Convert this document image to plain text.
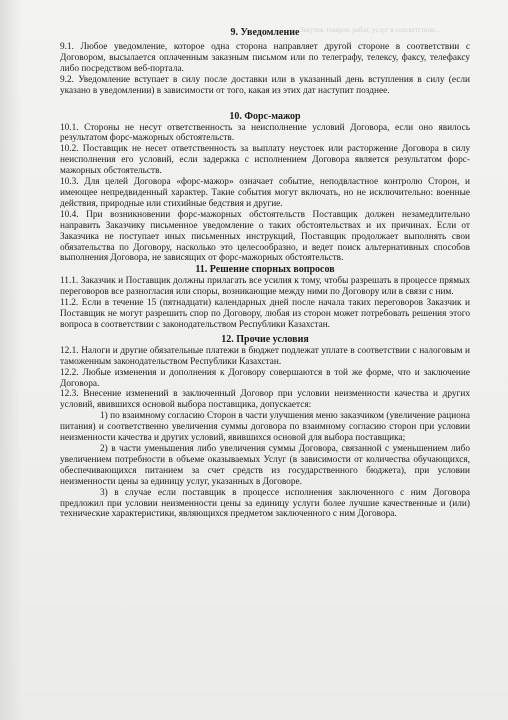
Закупок товаров, работ, услуг в соответствии...
9. Уведомление

9.1. Любое уведомление, которое одна сторона направляет другой стороне в соответствии с Договором, высылается оплаченным заказным письмом или по телеграфу, телексу, факсу, телефаксу либо посредством веб-портала.

9.2. Уведомление вступает в силу после доставки или в указанный день вступления в силу (если указано в уведомлении) в зависимости от того, какая из этих дат наступит позднее.

10. Форс-мажор

10.1. Стороны не несут ответственность за неисполнение условий Договора, если оно явилось результатом форс-мажорных обстоятельств.

10.2. Поставщик не несет ответственность за выплату неустоек или расторжение Договора в силу неисполнения его условий, если задержка с исполнением Договора является результатом форс-мажорных обстоятельств.

10.3. Для целей Договора «форс-мажор» означает событие, неподвластное контролю Сторон, и имеющее непредвиденный характер. Такие события могут включать, но не исключительно: военные действия, природные или стихийные бедствия и другие.

10.4. При возникновении форс-мажорных обстоятельств Поставщик должен незамедлительно направить Заказчику письменное уведомление о таких обстоятельствах и их причинах. Если от Заказчика не поступает иных письменных инструкций, Поставщик продолжает выполнять свои обязательства по Договору, насколько это целесообразно, и ведет поиск альтернативных способов выполнения Договора, не зависящих от форс-мажорных обстоятельств.

11. Решение спорных вопросов

11.1. Заказчик и Поставщик должны прилагать все усилия к тому, чтобы разрешать в процессе прямых переговоров все разногласия или споры, возникающие между ними по Договору или в связи с ним.

11.2. Если в течение 15 (пятнадцати) календарных дней после начала таких переговоров Заказчик и Поставщик не могут разрешить спор по Договору, любая из сторон может потребовать решения этого вопроса в соответствии с законодательством Республики Казахстан.

12. Прочие условия

12.1. Налоги и другие обязательные платежи в бюджет подлежат уплате в соответствии с налоговым и таможенным законодательством Республики Казахстан.

12.2. Любые изменения и дополнения к Договору совершаются в той же форме, что и заключение Договора.

12.3. Внесение изменений в заключенный Договор при условии неизменности качества и других условий, явившихся основой выбора поставщика, допускается:

1) по взаимному согласию Сторон в части улучшения меню заказчиком (увеличение рациона питания) и соответственно увеличения суммы договора по взаимному согласию сторон при условии неизменности качества и других условий, явившихся основой для выбора поставщика;

2) в части уменьшения либо увеличения суммы Договора, связанной с уменьшением либо увеличением потребности в объеме оказываемых Услуг (в зависимости от количества обучающихся, обеспечивающихся питанием за счет средств из государственного бюджета), при условии неизменности цены за единицу услуг, указанных в Договоре.

3) в случае если поставщик в процессе исполнения заключенного с ним Договора предложил при условии неизменности цены за единицу услуги более лучшие качественные и (или) технические характеристики, являющихся предметом заключенного с ним Договора.
